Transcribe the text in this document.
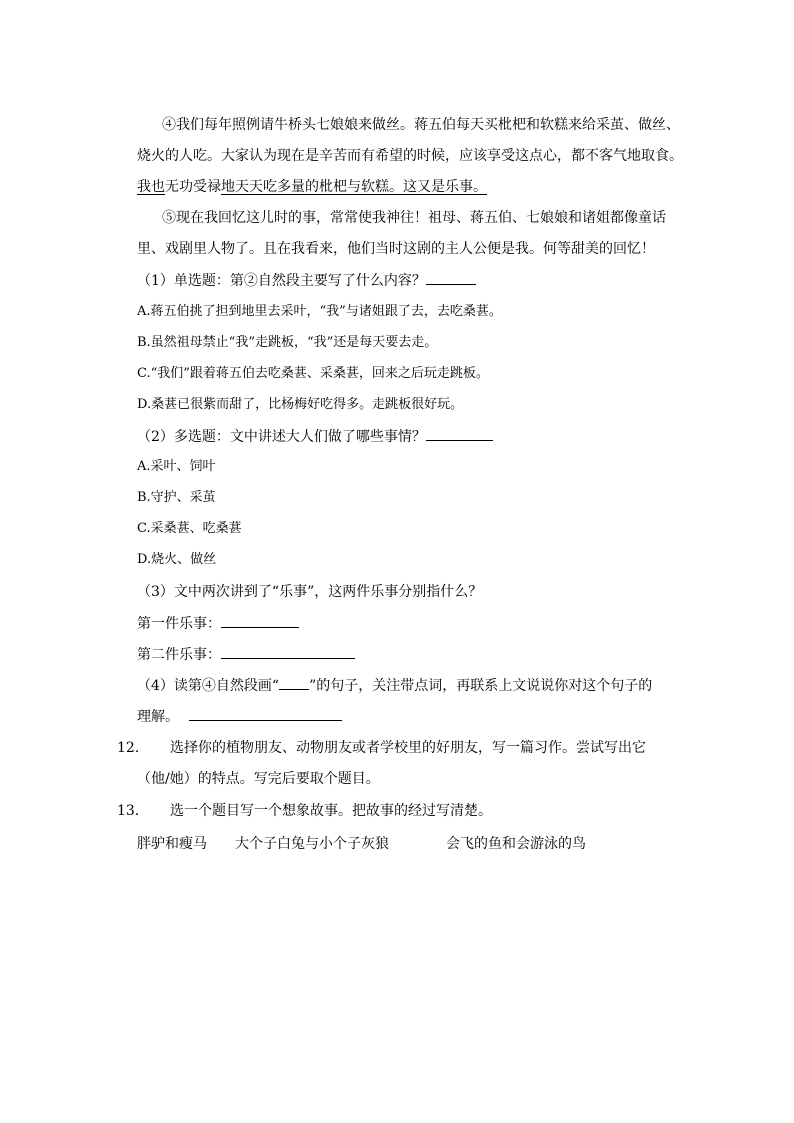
④我们每年照例请牛桥头七娘娘来做丝。蒋五伯每天买枇杷和软糕来给采茧、做丝、
烧火的人吃。大家认为现在是辛苦而有希望的时候，应该享受这点心，都不客气地取食。
我也无功受禄地天天吃多量的枇杷与软糕。这又是乐事。
⑤现在我回忆这儿时的事，常常使我神往！祖母、蒋五伯、七娘娘和诸姐都像童话
里、戏剧里人物了。且在我看来，他们当时这剧的主人公便是我。何等甜美的回忆！
（1）单选题：第②自然段主要写了什么内容？
A.蒋五伯挑了担到地里去采叶，“我”与诸姐跟了去，去吃桑葚。
B.虽然祖母禁止“我”走跳板，“我”还是每天要去走。
C.“我们”跟着蒋五伯去吃桑葚、采桑葚，回来之后玩走跳板。
D.桑葚已很紫而甜了，比杨梅好吃得多。走跳板很好玩。
（2）多选题：文中讲述大人们做了哪些事情？
A.采叶、饲叶
B.守护、采茧
C.采桑葚、吃桑葚
D.烧火、做丝
（3）文中两次讲到了“乐事”，这两件乐事分别指什么？
第一件乐事：
第二件乐事：
（4）读第④自然段画“ ”的句子，关注带点词，再联系上文说说你对这个句子的
理解。
12． 选择你的植物朋友、动物朋友或者学校里的好朋友，写一篇习作。尝试写出它
（他/她）的特点。写完后要取个题目。
13． 选一个题目写一个想象故事。把故事的经过写清楚。
胖驴和瘦马 大个子白兔与小个子灰狼	会飞的鱼和会游泳的鸟
